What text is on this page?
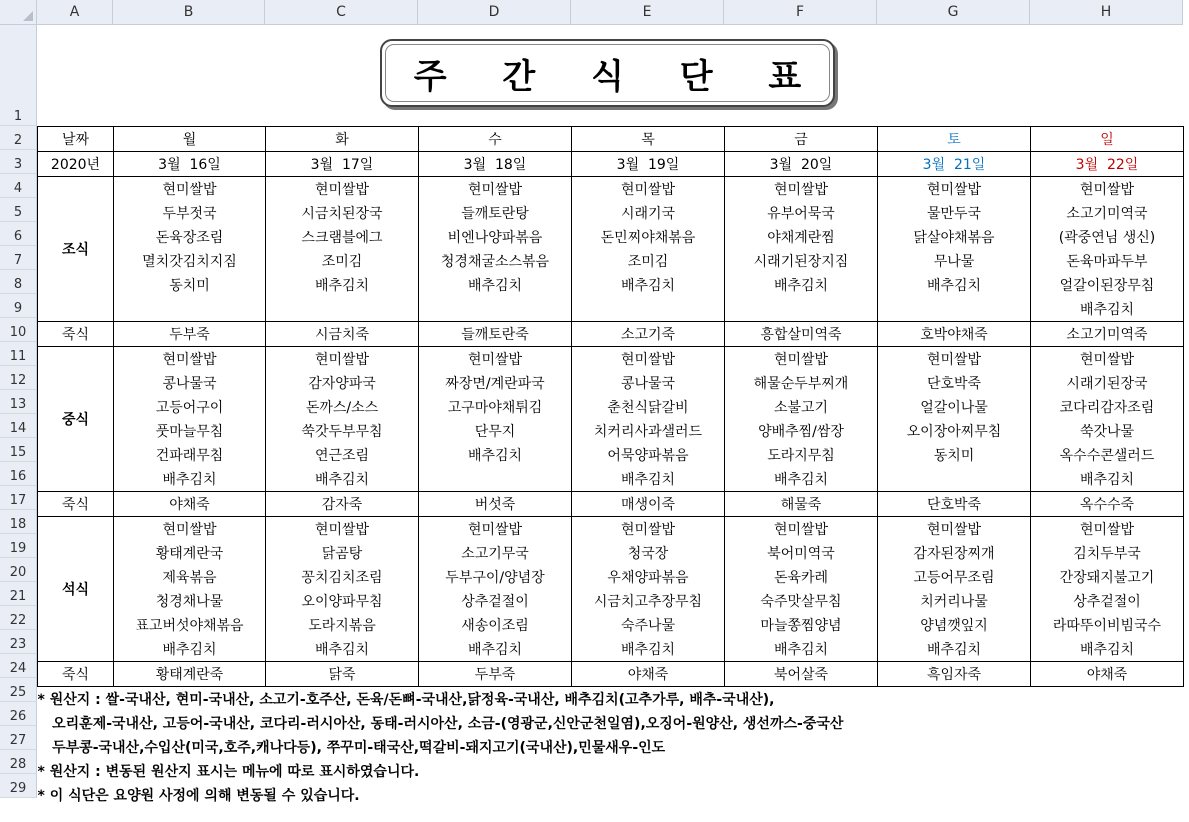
A	B	C	D	E	F	G	H
1
2
3
4
5
6
7
8
9
10
11
12
13
14
15
16
17
18
19
20
21
22
23
24
25
26
27
28
29

날짜	월	화	수	목	금	토	일
2020년	3월  16일	3월  17일	3월  18일	3월  19일	3월  20일	3월  21일	3월  22일
조식	현미쌀밥	현미쌀밥	현미쌀밥	현미쌀밥	현미쌀밥	현미쌀밥	현미쌀밥
	두부젓국	시금치된장국	들깨토란탕	시래기국	유부어묵국	물만두국	소고기미역국
	돈육장조림	스크램블에그	비엔나양파볶음	돈민찌야채볶음	야채계란찜	닭살야채볶음	(곽중연님 생신)
	멸치갓김치지짐	조미김	청경채굴소스볶음	조미김	시래기된장지짐	무나물	돈육마파두부
	동치미	배추김치	배추김치	배추김치	배추김치	배추김치	얼갈이된장무침
							배추김치
죽식	두부죽	시금치죽	들깨토란죽	소고기죽	흥합살미역죽	호박야채죽	소고기미역죽
중식	현미쌀밥	현미쌀밥	현미쌀밥	현미쌀밥	현미쌀밥	현미쌀밥	현미쌀밥
	콩나물국	감자양파국	짜장면/계란파국	콩나물국	해물순두부찌개	단호박죽	시래기된장국
	고등어구이	돈까스/소스	고구마야채튀김	춘천식닭갈비	소불고기	얼갈이나물	코다리감자조림
	풋마늘무침	쑥갓두부무침	단무지	치커리사과샐러드	양배추찜/쌈장	오이장아찌무침	쑥갓나물
	건파래무침	연근조림	배추김치	어묵양파볶음	도라지무침	동치미	옥수수콘샐러드
	배추김치	배추김치		배추김치	배추김치		배추김치
죽식	야채죽	감자죽	버섯죽	매생이죽	해물죽	단호박죽	옥수수죽
석식	현미쌀밥	현미쌀밥	현미쌀밥	현미쌀밥	현미쌀밥	현미쌀밥	현미쌀밥
	황태계란국	닭곰탕	소고기무국	청국장	북어미역국	감자된장찌개	김치두부국
	제육볶음	꽁치김치조림	두부구이/양념장	우채양파볶음	돈육카레	고등어무조림	간장돼지불고기
	청경채나물	오이양파무침	상추겉절이	시금치고추장무침	숙주맛살무침	치커리나물	상추겉절이
	표고버섯야채볶음	도라지볶음	새송이조림	숙주나물	마늘쫑찜양념	양념깻잎지	라따뚜이비빔국수
	배추김치	배추김치	배추김치	배추김치	배추김치	배추김치	배추김치
죽식	황태계란죽	닭죽	두부죽	야채죽	북어살죽	흑임자죽	야채죽
* 원산지 : 쌀-국내산, 현미-국내산, 소고기-호주산, 돈육/돈뼈-국내산,닭정육-국내산, 배추김치(고추가루, 배추-국내산),							
오리훈제-국내산, 고등어-국내산, 코다리-러시아산, 동태-러시아산, 소금-(영광군,신안군천일염),오징어-원양산, 생선까스-중국산							
두부콩-국내산,수입산(미국,호주,캐나다등), 쭈꾸미-태국산,떡갈비-돼지고기(국내산),민물새우-인도							
* 원산지 : 변동된 원산지 표시는 메뉴에 따로 표시하였습니다.							
* 이 식단은 요양원 사정에 의해 변동될 수 있습니다.							
주 간 식 단 표
